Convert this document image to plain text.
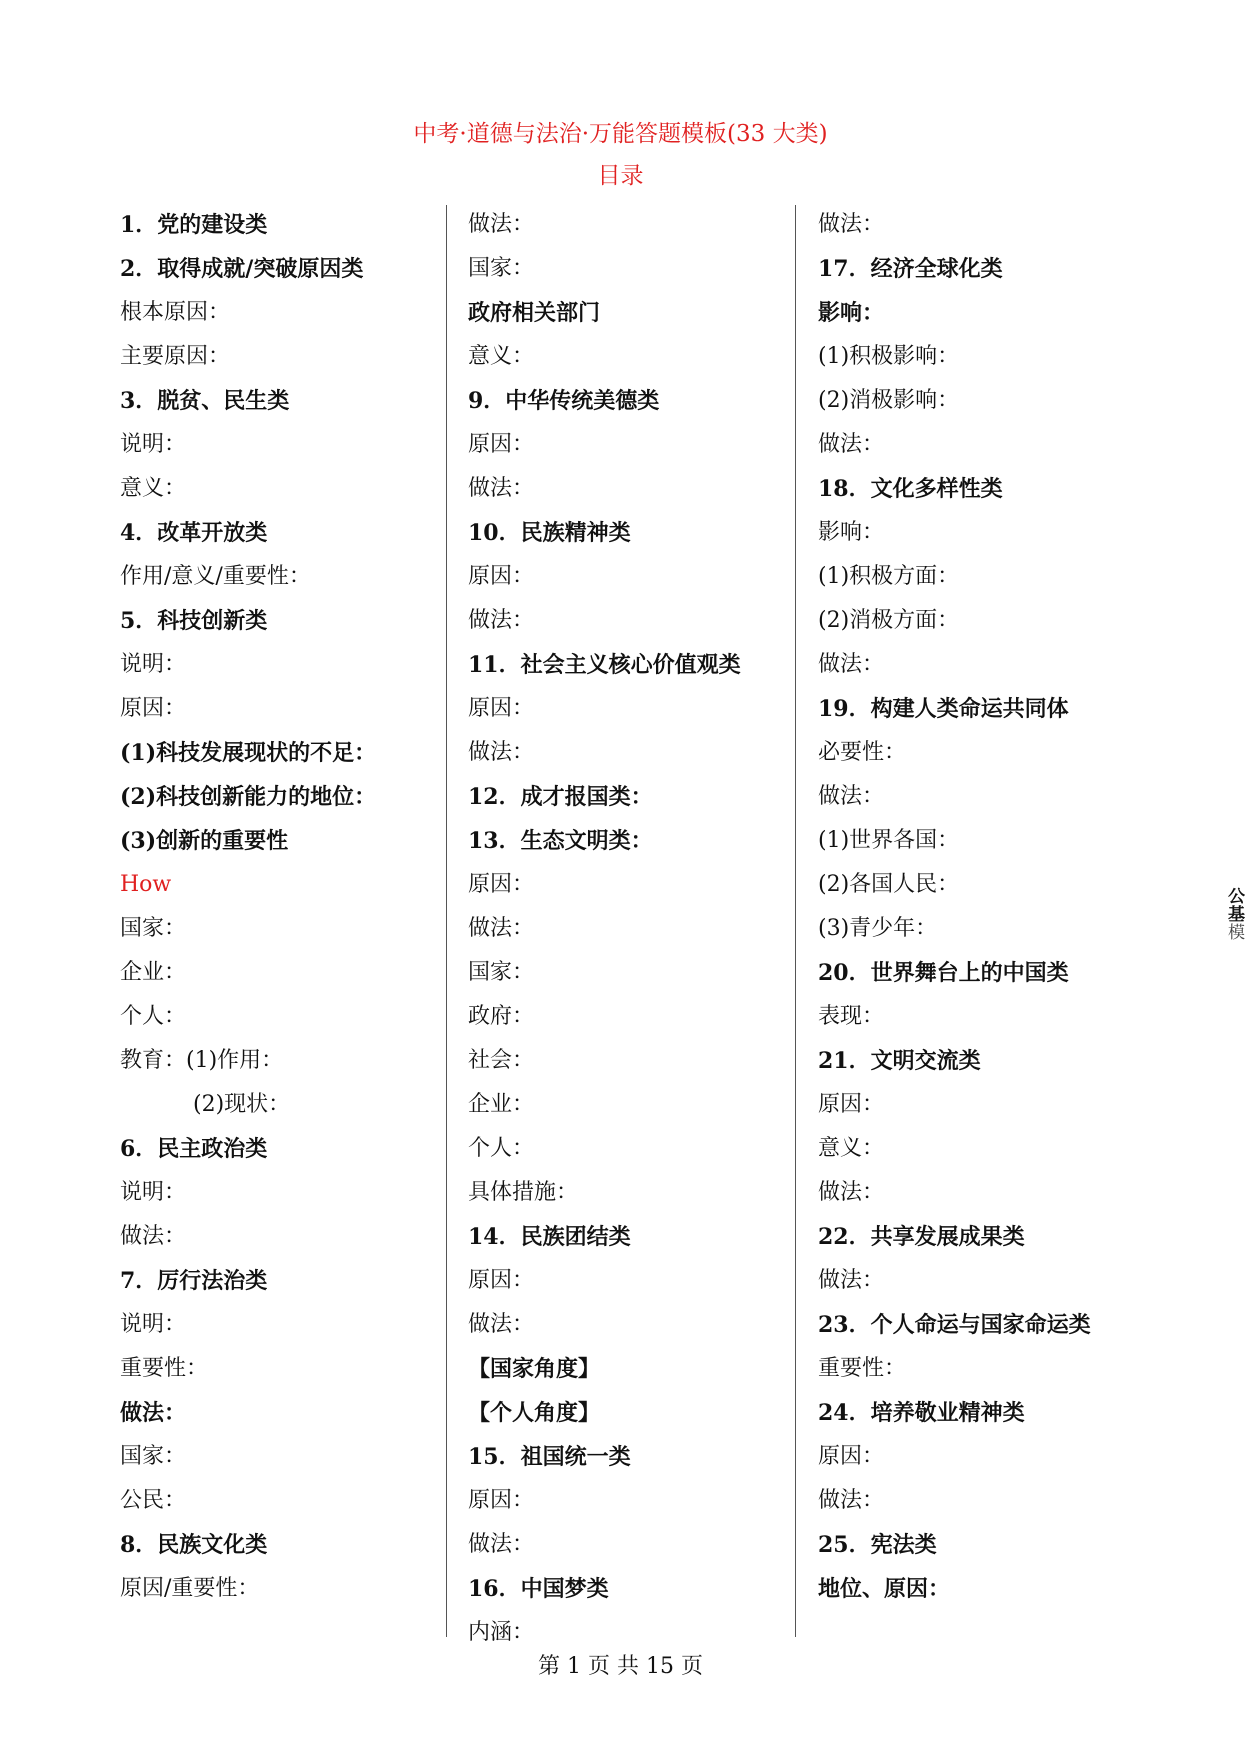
中考·道德与法治·万能答题模板(33 大类)
目录
1．党的建设类
2．取得成就/突破原因类
根本原因：
主要原因：
3．脱贫、民生类
说明：
意义：
4．改革开放类
作用/意义/重要性：
5．科技创新类
说明：
原因：
(1)科技发展现状的不足：
(2)科技创新能力的地位：
(3)创新的重要性
How
国家：
企业：
个人：
教育：(1)作用：
(2)现状：
6．民主政治类
说明：
做法：
7．厉行法治类
说明：
重要性：
做法：
国家：
公民：
8．民族文化类
原因/重要性：
做法：
国家：
政府相关部门
意义：
9．中华传统美德类
原因：
做法：
10．民族精神类
原因：
做法：
11．社会主义核心价值观类
原因：
做法：
12．成才报国类：
13．生态文明类：
原因：
做法：
国家：
政府：
社会：
企业：
个人：
具体措施：
14．民族团结类
原因：
做法：
【国家角度】
【个人角度】
15．祖国统一类
原因：
做法：
16．中国梦类
内涵：
做法：
17．经济全球化类
影响：
(1)积极影响：
(2)消极影响：
做法：
18．文化多样性类
影响：
(1)积极方面：
(2)消极方面：
做法：
19．构建人类命运共同体
必要性：
做法：
(1)世界各国：
(2)各国人民：
(3)青少年：
20．世界舞台上的中国类
表现：
21．文明交流类
原因：
意义：
做法：
22．共享发展成果类
做法：
23．个人命运与国家命运类
重要性：
24．培养敬业精神类
原因：
做法：
25．宪法类
地位、原因：
公
基
模
第 1 页 共 15 页
